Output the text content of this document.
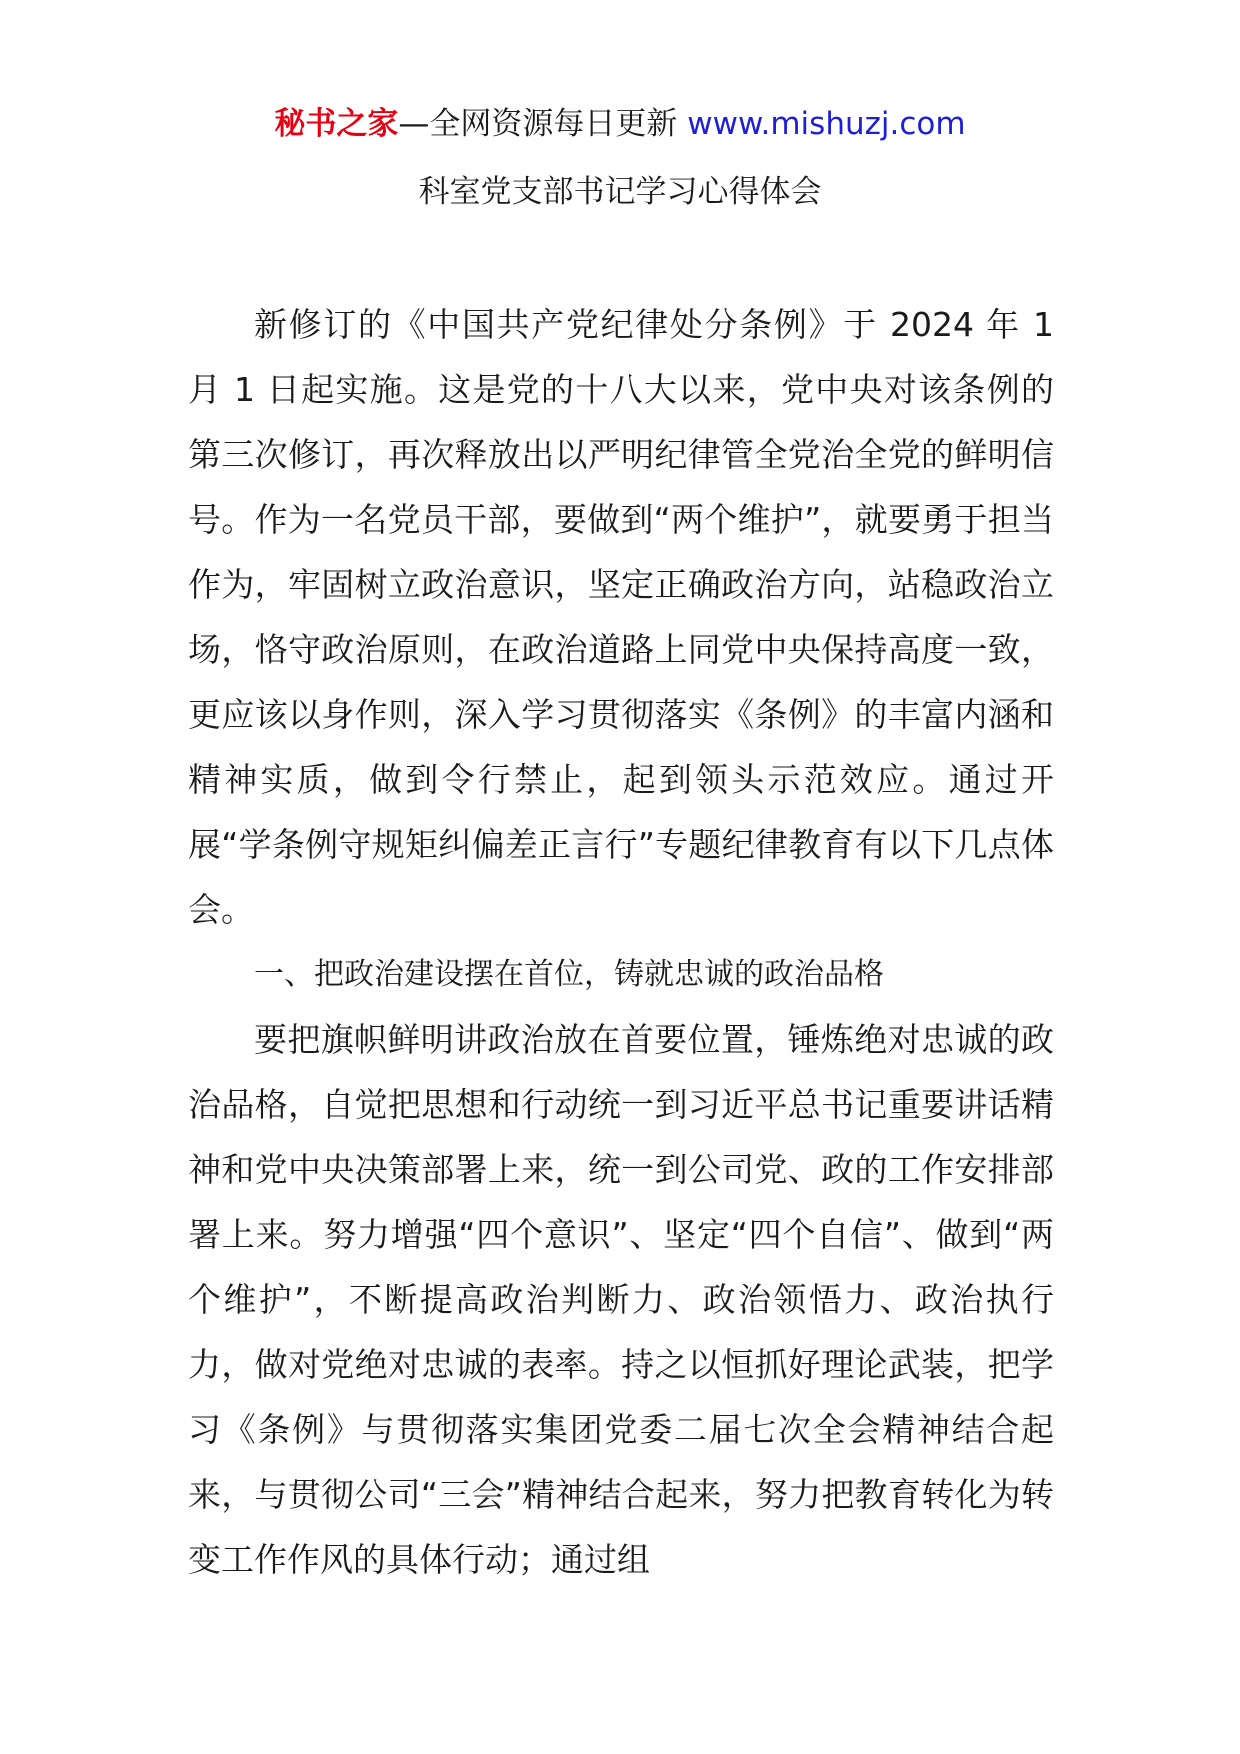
秘书之家—全网资源每日更新 www.mishuzj.com
科室党支部书记学习心得体会

新修订的《中国共产党纪律处分条例》于 2024 年 1 月 1 日起实施。这是党的十八大以来，党中央对该条例的第三次修订，再次释放出以严明纪律管全党治全党的鲜明信号。作为一名党员干部，要做到“两个维护”，就要勇于担当作为，牢固树立政治意识，坚定正确政治方向，站稳政治立场，恪守政治原则，在政治道路上同党中央保持高度一致，更应该以身作则，深入学习贯彻落实《条例》的丰富内涵和精神实质，做到令行禁止，起到领头示范效应。通过开展“学条例守规矩纠偏差正言行”专题纪律教育有以下几点体会。

一、把政治建设摆在首位，铸就忠诚的政治品格

要把旗帜鲜明讲政治放在首要位置，锤炼绝对忠诚的政治品格，自觉把思想和行动统一到习近平总书记重要讲话精神和党中央决策部署上来，统一到公司党、政的工作安排部署上来。努力增强“四个意识”、坚定“四个自信”、做到“两个维护”，不断提高政治判断力、政治领悟力、政治执行力，做对党绝对忠诚的表率。持之以恒抓好理论武装，把学习《条例》与贯彻落实集团党委二届七次全会精神结合起来，与贯彻公司“三会”精神结合起来，努力把教育转化为转变工作作风的具体行动；通过组
